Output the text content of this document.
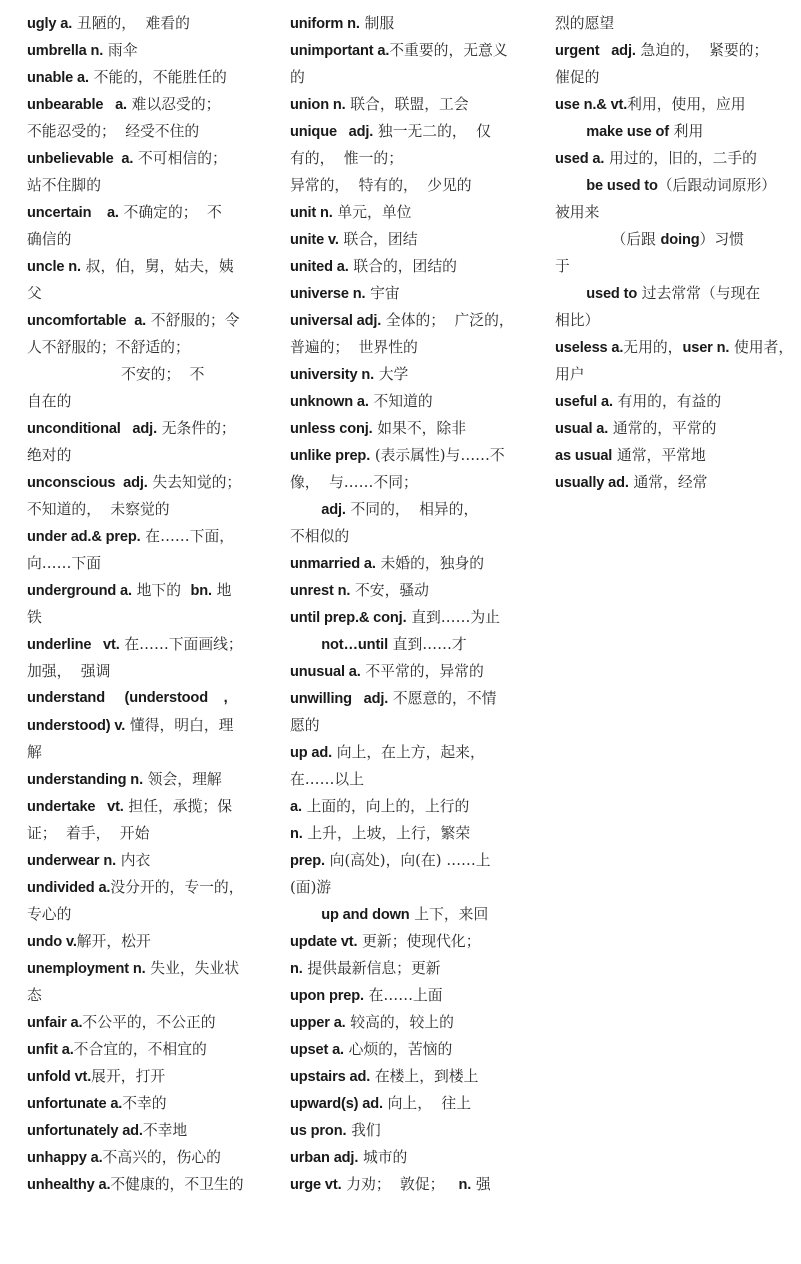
ugly a. 丑陋的，  难看的
umbrella n. 雨伞
unable a. 不能的，不能胜任的
unbearable   a. 难以忍受的；
不能忍受的；  经受不住的
unbelievable  a. 不可相信的；
站不住脚的
uncertain    a. 不确定的；  不
确信的
uncle n. 叔，伯，舅，姑夫，姨
父
uncomfortable  a. 不舒服的；令
人不舒服的；不舒适的；
不安的；  不
自在的
unconditional   adj. 无条件的；
绝对的
unconscious  adj. 失去知觉的；
不知道的，  未察觉的
under ad.& prep. 在……下面，
向……下面
underground a. 地下的  bn. 地
铁
underline   vt. 在……下面画线；
加强，  强调
understand     (understood    ,
understood) v. 懂得，明白，理
解
understanding n. 领会，理解
undertake   vt. 担任，承揽；保
证；  着手，  开始
underwear n. 内衣
undivided a.没分开的，专一的，
专心的
undo v.解开，松开
unemployment n. 失业，失业状
态
unfair a.不公平的，不公正的
unfit a.不合宜的，不相宜的
unfold vt.展开，打开
unfortunate a.不幸的
unfortunately ad.不幸地
unhappy a.不高兴的，伤心的
unhealthy a.不健康的，不卫生的
uniform n. 制服
unimportant a.不重要的，无意义
的
union n. 联合，联盟，工会
unique   adj. 独一无二的，  仅
有的，  惟一的；
异常的，  特有的，  少见的
unit n. 单元，单位
unite v. 联合，团结
united a. 联合的，团结的
universe n. 宇宙
universal adj. 全体的；  广泛的，
普遍的；  世界性的
university n. 大学
unknown a. 不知道的
unless conj. 如果不，除非
unlike prep. (表示属性)与……不
像，  与……不同；
adj. 不同的，  相异的，
不相似的
unmarried a. 未婚的，独身的
unrest n. 不安，骚动
until prep.& conj. 直到……为止
not…until 直到……才
unusual a. 不平常的，异常的
unwilling   adj. 不愿意的，不情
愿的
up ad. 向上，在上方，起来，
在……以上
a. 上面的，向上的，上行的
n. 上升，上坡，上行，繁荣
prep. 向(高处)，向(在) ……上
(面)游
up and down 上下，来回
update vt. 更新；使现代化；
n. 提供最新信息；更新
upon prep. 在……上面
upper a. 较高的，较上的
upset a. 心烦的，苦恼的
upstairs ad. 在楼上，到楼上
upward(s) ad. 向上，  往上
us pron. 我们
urban adj. 城市的
urge vt. 力劝；  敦促；   n. 强
烈的愿望
urgent   adj. 急迫的，  紧要的；
催促的
use n.& vt.利用，使用，应用
make use of 利用
used a. 用过的，旧的，二手的
be used to（后跟动词原形）
被用来
（后跟 doing）习惯
于
used to 过去常常（与现在
相比）
useless a.无用的，user n. 使用者，
用户
useful a. 有用的，有益的
usual a. 通常的，平常的
as usual 通常，平常地
usually ad. 通常，经常
